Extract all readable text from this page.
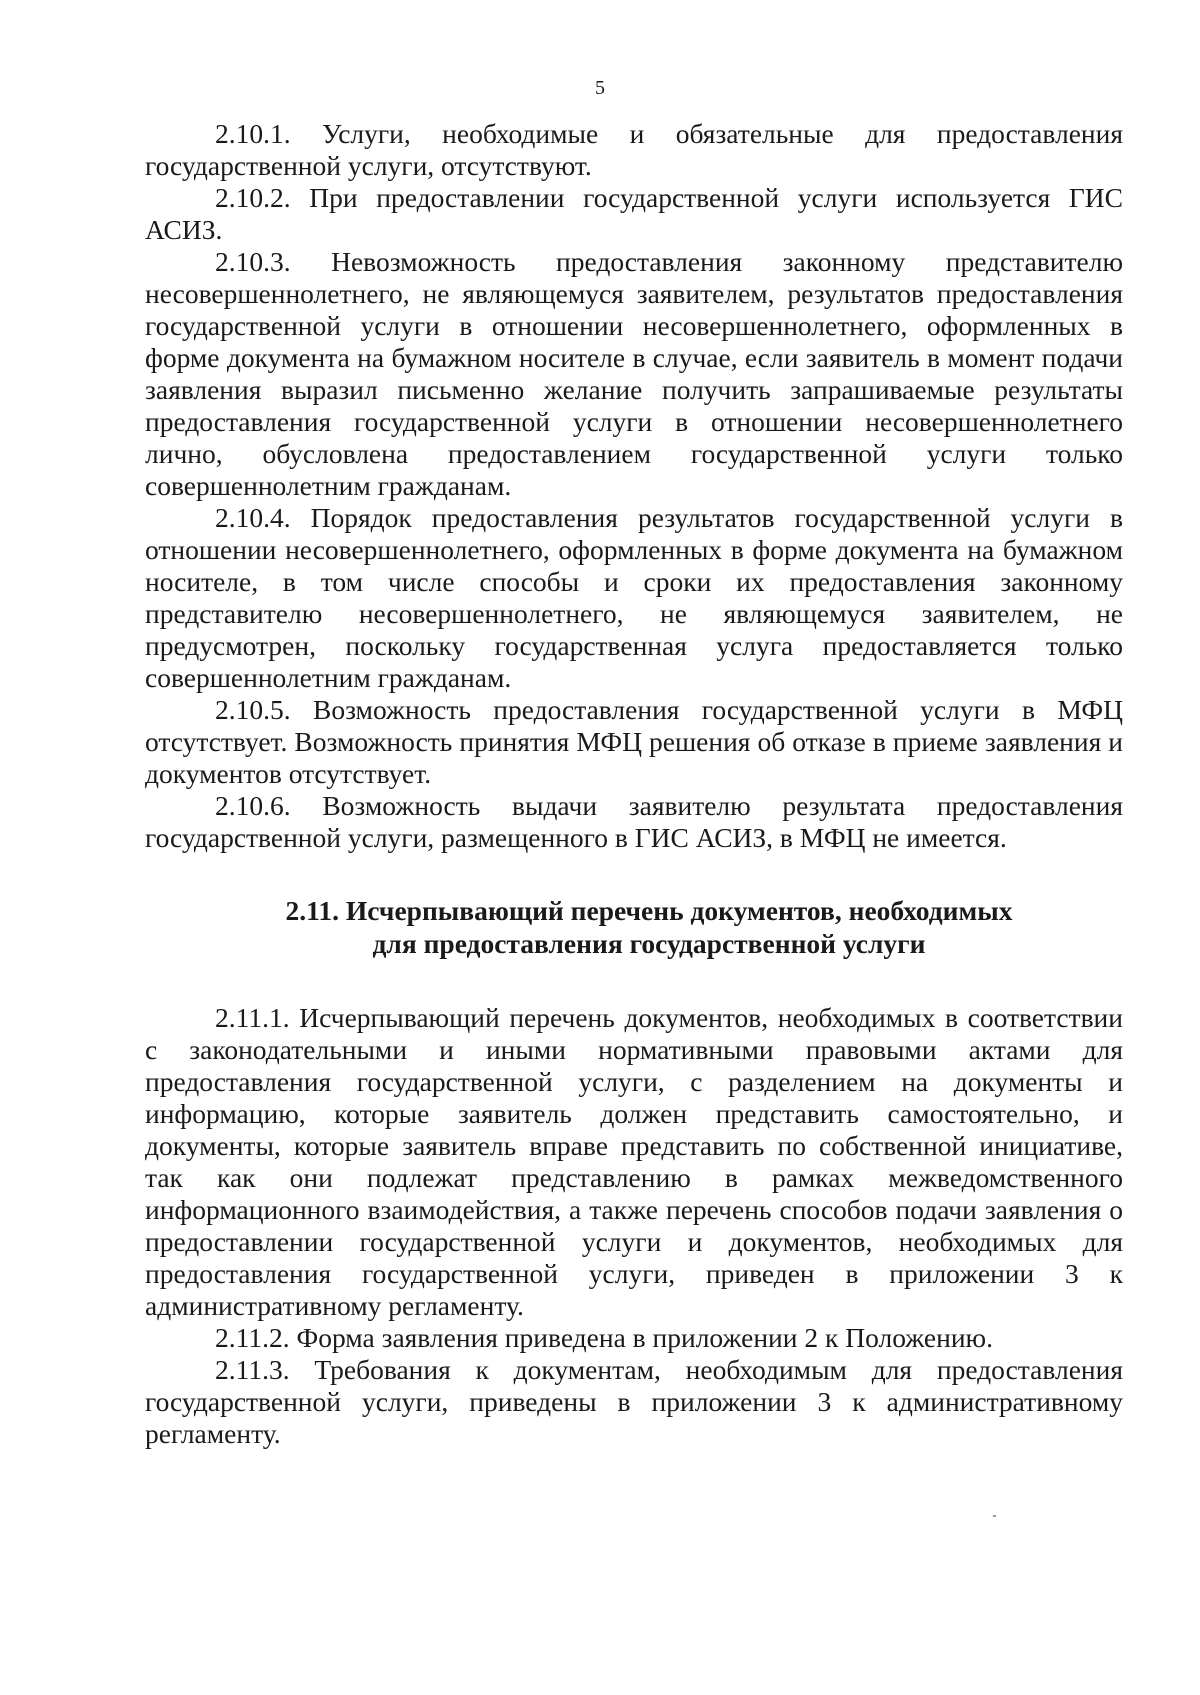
5

2.10.1. Услуги, необходимые и обязательные для предоставления государственной услуги, отсутствуют.

2.10.2. При предоставлении государственной услуги используется ГИС АСИЗ.

2.10.3. Невозможность предоставления законному представителю несовершеннолетнего, не являющемуся заявителем, результатов предоставления государственной услуги в отношении несовершеннолетнего, оформленных в форме документа на бумажном носителе в случае, если заявитель в момент подачи заявления выразил письменно желание получить запрашиваемые результаты предоставления государственной услуги в отношении несовершеннолетнего лично, обусловлена предоставлением государственной услуги только совершеннолетним гражданам.

2.10.4. Порядок предоставления результатов государственной услуги в отношении несовершеннолетнего, оформленных в форме документа на бумажном носителе, в том числе способы и сроки их предоставления законному представителю несовершеннолетнего, не являющемуся заявителем, не предусмотрен, поскольку государственная услуга предоставляется только совершеннолетним гражданам.

2.10.5. Возможность предоставления государственной услуги в МФЦ отсутствует. Возможность принятия МФЦ решения об отказе в приеме заявления и документов отсутствует.

2.10.6. Возможность выдачи заявителю результата предоставления государственной услуги, размещенного в ГИС АСИЗ, в МФЦ не имеется.

2.11. Исчерпывающий перечень документов, необходимых
для предоставления государственной услуги

2.11.1. Исчерпывающий перечень документов, необходимых в соответствии с законодательными и иными нормативными правовыми актами для предоставления государственной услуги, с разделением на документы и информацию, которые заявитель должен представить самостоятельно, и документы, которые заявитель вправе представить по собственной инициативе, так как они подлежат представлению в рамках межведомственного информационного взаимодействия, а также перечень способов подачи заявления о предоставлении государственной услуги и документов, необходимых для предоставления государственной услуги, приведен в приложении 3 к административному регламенту.

2.11.2. Форма заявления приведена в приложении 2 к Положению.

2.11.3. Требования к документам, необходимым для предоставления государственной услуги, приведены в приложении 3 к административному регламенту.
